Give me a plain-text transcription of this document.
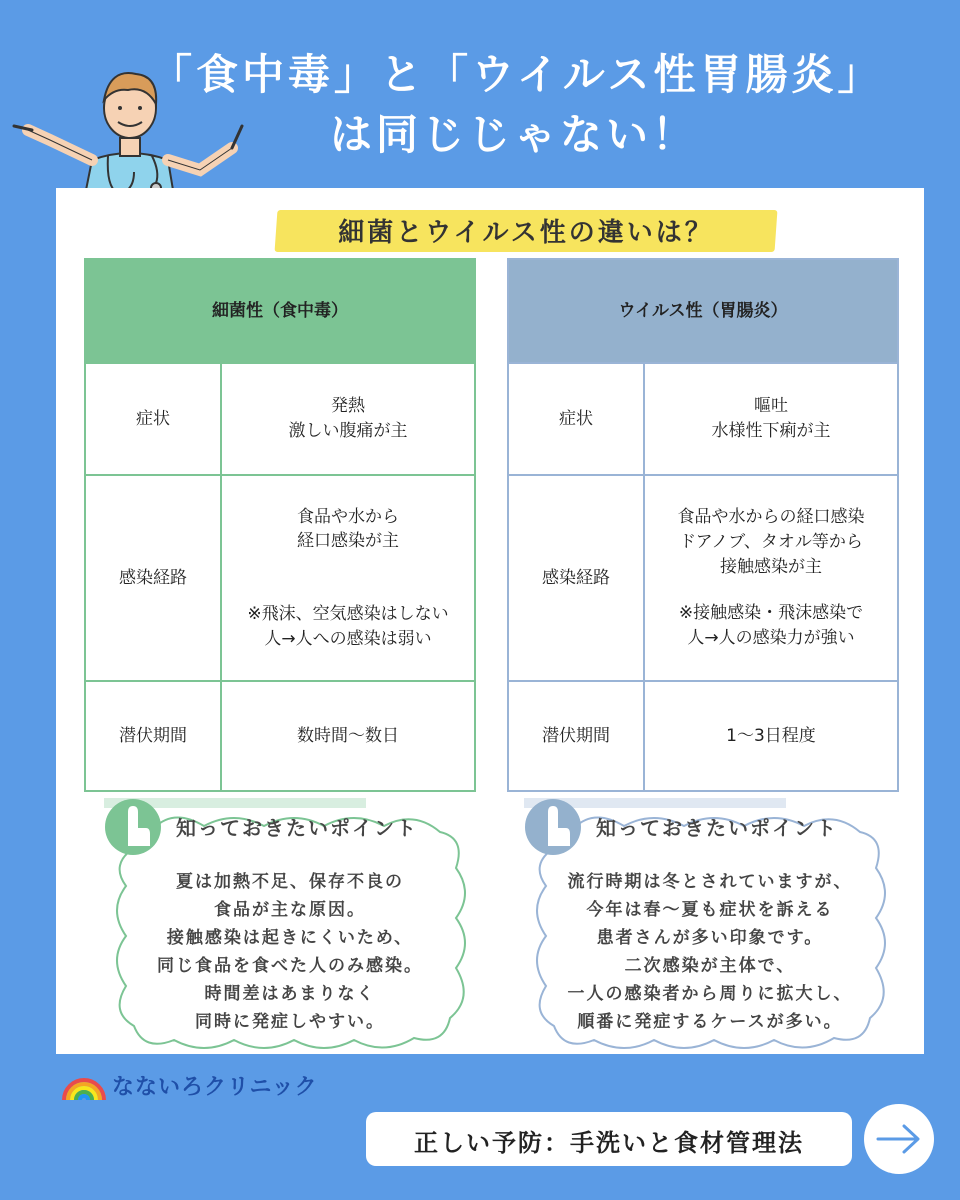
「食中毒」と「ウイルス性胃腸炎」
は同じじゃない！
細菌とウイルス性の違いは？
細菌性（食中毒）	
症状	発熱
激しい腹痛が主

感染経路	食品や水から
経口感染が主
※飛沫、空気感染はしない
人→人への感染は弱い

潜伏期間	数時間〜数日
ウイルス性（胃腸炎）	
症状	嘔吐
水様性下痢が主

感染経路	食品や水からの経口感染
ドアノブ、タオル等から
接触感染が主
※接触感染・飛沫感染で
人→人の感染力が強い

潜伏期間	1〜3日程度
知っておきたいポイント
夏は加熱不足、保存不良の
食品が主な原因。
接触感染は起きにくいため、
同じ食品を食べた人のみ感染。
時間差はあまりなく
同時に発症しやすい。
知っておきたいポイント
流行時期は冬とされていますが、
今年は春〜夏も症状を訴える
患者さんが多い印象です。
二次感染が主体で、
一人の感染者から周りに拡大し、
順番に発症するケースが多い。
なないろクリニック
正しい予防：手洗いと食材管理法
